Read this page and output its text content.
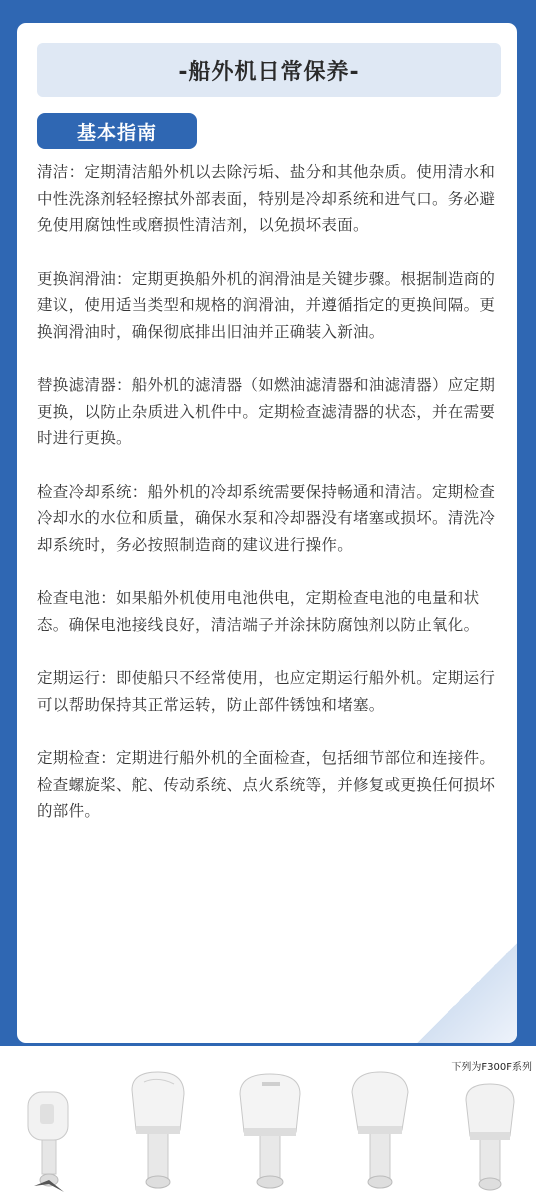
-船外机日常保养-
基本指南

清洁：定期清洁船外机以去除污垢、盐分和其他杂质。使用清水和中性洗涤剂轻轻擦拭外部表面，特别是冷却系统和进气口。务必避免使用腐蚀性或磨损性清洁剂，以免损坏表面。

更换润滑油：定期更换船外机的润滑油是关键步骤。根据制造商的建议，使用适当类型和规格的润滑油，并遵循指定的更换间隔。更换润滑油时，确保彻底排出旧油并正确装入新油。

替换滤清器：船外机的滤清器（如燃油滤清器和油滤清器）应定期更换，以防止杂质进入机件中。定期检查滤清器的状态，并在需要时进行更换。

检查冷却系统：船外机的冷却系统需要保持畅通和清洁。定期检查冷却水的水位和质量，确保水泵和冷却器没有堵塞或损坏。清洗冷却系统时，务必按照制造商的建议进行操作。

检查电池：如果船外机使用电池供电，定期检查电池的电量和状态。确保电池接线良好，清洁端子并涂抹防腐蚀剂以防止氧化。

定期运行：即使船只不经常使用，也应定期运行船外机。定期运行可以帮助保持其正常运转，防止部件锈蚀和堵塞。

定期检查：定期进行船外机的全面检查，包括细节部位和连接件。检查螺旋桨、舵、传动系统、点火系统等，并修复或更换任何损坏的部件。

下列为F300F系列
